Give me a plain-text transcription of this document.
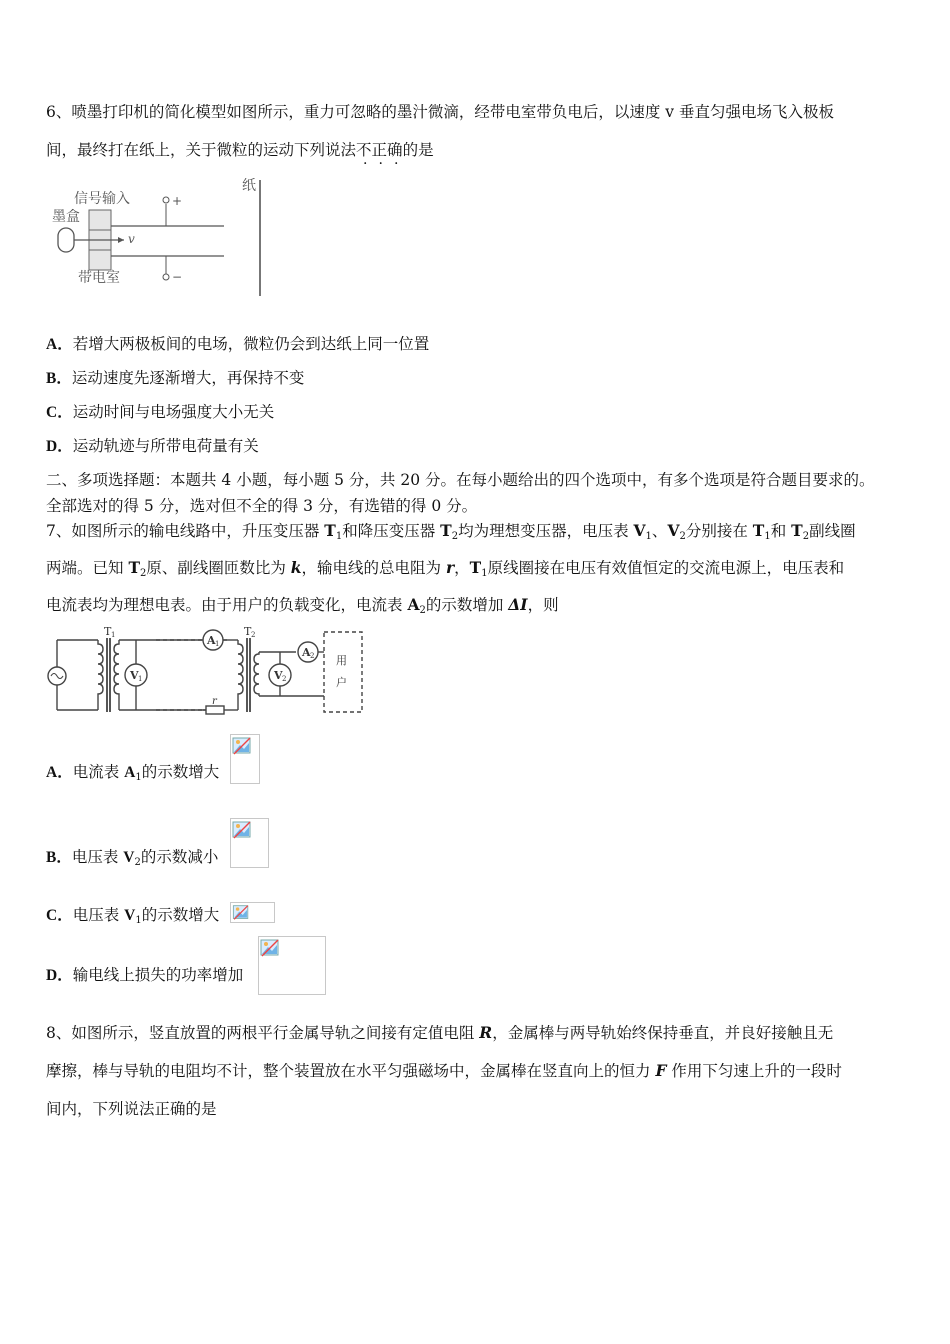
6、喷墨打印机的简化模型如图所示，重力可忽略的墨汁微滴，经带电室带负电后，以速度 v 垂直匀强电场飞入极板
间，最终打在纸上，关于微粒的运动下列说法不正确的是
信号输入
墨盒
带电室
纸
v
+
−
A．若增大两极板间的电场，微粒仍会到达纸上同一位置
B．运动速度先逐渐增大，再保持不变
C．运动时间与电场强度大小无关
D．运动轨迹与所带电荷量有关
二、多项选择题：本题共 4 小题，每小题 5 分，共 20 分。在每小题给出的四个选项中，有多个选项是符合题目要求的。
全部选对的得 5 分，选对但不全的得 3 分，有选错的得 0 分。
7、如图所示的输电线路中，升压变压器 $T_1$和降压变压器 $T_2$均为理想变压器，电压表 $V_1$、$V_2$分别接在 $T_1$和 $T_2$副线圈
两端。已知 $T_2$原、副线圈匝数比为 k，输电线的总电阻为 r，$T_1$原线圈接在电压有效值恒定的交流电源上，电压表和
电流表均为理想电表。由于用户的负载变化，电流表 $A_2$的示数增加 ΔI，则
T 1	T 2
A 1
A 2
V 1	V 2
r
用
户
A．电流表 $A_1$的示数增大
B．电压表 $V_2$的示数减小
C．电压表 $V_1$的示数增大
D．输电线上损失的功率增加
8、如图所示，竖直放置的两根平行金属导轨之间接有定值电阻 R，金属棒与两导轨始终保持垂直，并良好接触且无
摩擦，棒与导轨的电阻均不计，整个装置放在水平匀强磁场中，金属棒在竖直向上的恒力 F 作用下匀速上升的一段时
间内，下列说法正确的是
